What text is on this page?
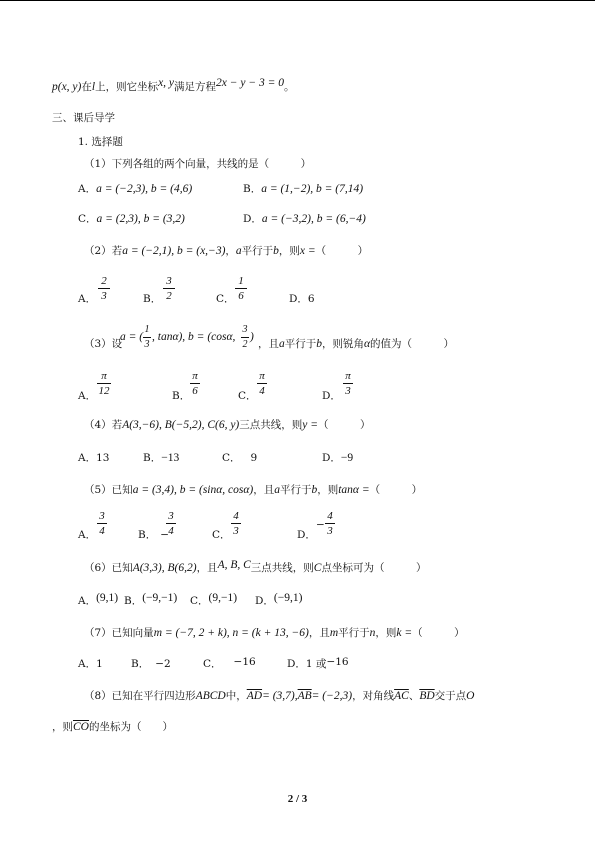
p(x, y)在l上，则它坐标x, y满足方程2x − y − 3 = 0。
三、课后导学
1. 选择题
（1）下列各组的两个向量，共线的是（　　　）
A．a = (−2,3), b = (4,6)	B．a = (1,−2), b = (7,14)
C．a = (2,3), b = (3,2)	D．a = (−3,2), b = (6,−4)
（2）若a = (−2,1), b = (x,−3)，a平行于b，则x =（　　　）
A．
2
3	B．
3
2	C．
1
6	D．6
（3）设
a = (
1
3
, tanα), b = (cosα,
3
2
)
，且a平行于b，则锐角α的值为（　　　）
A．
π
12	B．
π
6	C．
π
4	D．
π
3
（4）若A(3,−6), B(−5,2), C(6, y)三点共线，则y =（　　　）
A．13	B．−13	C． 9	D．−9
（5）已知a = (3,4), b = (sinα, cosα)，且a平行于b，则tanα =（　　　）
A．
3
4	B． −
3
4	C．
4
3	D．
−
4
3
（6）已知A(3,3), B(6,2)，且A, B, C三点共线，则C点坐标可为（　　　）
A．(9,1) B．(−9,−1) C．(9,−1) D．(−9,1)
（7）已知向量m = (−7, 2 + k), n = (k + 13, −6)，且m平行于n，则k =（　　　）
A．1	B． −2	C． −16	D．1 或−16
（8）已知在平行四边形ABCD中，$\overline{AD}= (3,7),\overline{AB}= (-2,3)$，对角线$\overline{AC}$、$\overline{BD}$交于点O
，则$\overline{CO}$的坐标为（　　）
2 / 3
